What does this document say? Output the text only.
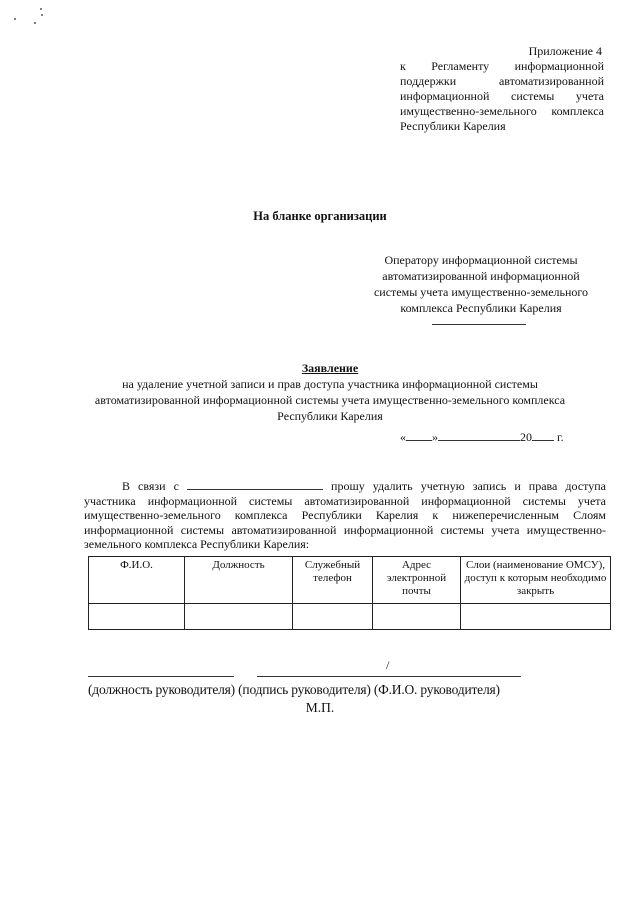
Приложение 4
к Регламенту информационной поддержки автоматизированной информационной системы учета имущественно-земельного комплекса Республики Карелия
На бланке организации
Оператору информационной системы
автоматизированной информационной
системы учета имущественно-земельного
комплекса Республики Карелия
Заявление
на удаление учетной записи и прав доступа участника информационной системы
автоматизированной информационной системы учета имущественно-земельного комплекса
Республики Карелия
« »	20 г.
В связи с	прошу удалить учетную запись и права доступа участника информационной системы автоматизированной информационной системы учета имущественно-земельного комплекса Республики Карелия к нижеперечисленным Слоям информационной системы автоматизированной информационной системы учета имущественно-земельного комплекса Республики Карелия:
Ф.И.О.	Должность	Служебный телефон	Адрес электронной почты	Слои (наименование ОМСУ), доступ к которым необходимо закрыть

/
(должность руководителя) (подпись руководителя) (Ф.И.О. руководителя)
М.П.
